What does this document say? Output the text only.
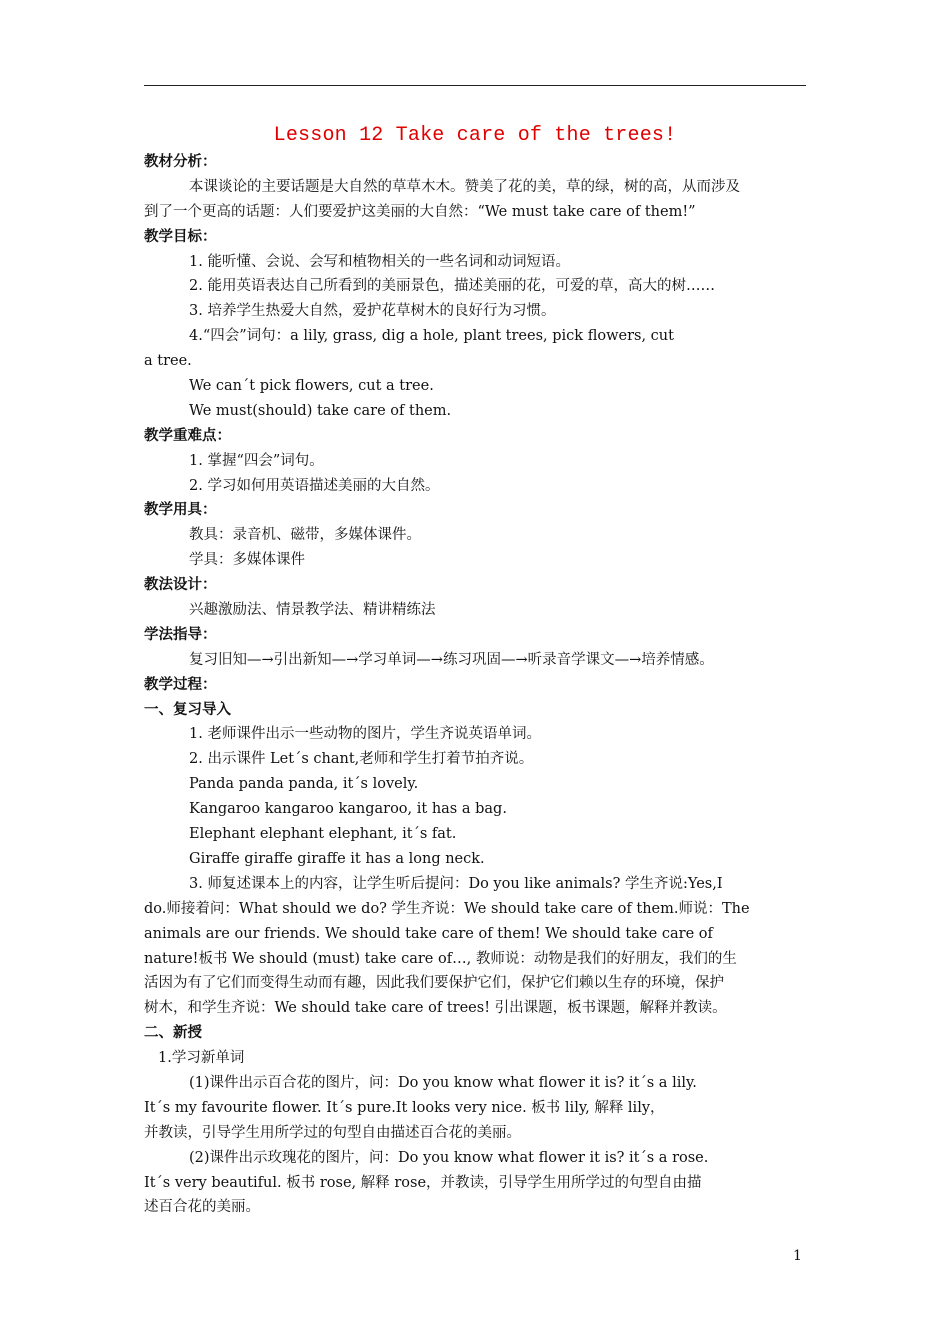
Lesson 12 Take care of the trees!
教材分析：
本课谈论的主要话题是大自然的草草木木。赞美了花的美，草的绿，树的高，从而涉及
到了一个更高的话题：人们要爱护这美丽的大自然：“We must take care of them!”
教学目标：
1. 能听懂、会说、会写和植物相关的一些名词和动词短语。
2. 能用英语表达自己所看到的美丽景色，描述美丽的花，可爱的草，高大的树……
3. 培养学生热爱大自然，爱护花草树木的良好行为习惯。
4.“四会”词句：a lily, grass, dig a hole, plant trees, pick flowers, cut
a tree.
We can´t pick flowers, cut a tree.
We must(should) take care of them.
教学重难点：
1. 掌握“四会”词句。
2. 学习如何用英语描述美丽的大自然。
教学用具：
教具：录音机、磁带，多媒体课件。
学具：多媒体课件
教法设计：
兴趣激励法、情景教学法、精讲精练法
学法指导：
复习旧知—→引出新知—→学习单词—→练习巩固—→听录音学课文—→培养情感。
教学过程：
一、复习导入
1. 老师课件出示一些动物的图片，学生齐说英语单词。
2. 出示课件 Let´s chant,老师和学生打着节拍齐说。
Panda panda panda, it´s lovely.
Kangaroo kangaroo kangaroo, it has a bag.
Elephant elephant elephant, it´s fat.
Giraffe giraffe giraffe it has a long neck.
3. 师复述课本上的内容，让学生听后提问：Do you like animals? 学生齐说:Yes,I
do.师接着问：What should we do? 学生齐说：We should take care of them.师说：The
animals are our friends. We should take care of them! We should take care of
nature!板书 We should (must) take care of…, 教师说：动物是我们的好朋友，我们的生
活因为有了它们而变得生动而有趣，因此我们要保护它们，保护它们赖以生存的环境，保护
树木，和学生齐说：We should take care of trees! 引出课题，板书课题，解释并教读。
二、新授
1.学习新单词
(1)课件出示百合花的图片，问：Do you know what flower it is? it´s a lily.
It´s my favourite flower. It´s pure.It looks very nice. 板书 lily, 解释 lily，
并教读，引导学生用所学过的句型自由描述百合花的美丽。
(2)课件出示玫瑰花的图片，问：Do you know what flower it is? it´s a rose.
It´s very beautiful. 板书 rose, 解释 rose，并教读，引导学生用所学过的句型自由描
述百合花的美丽。
1
